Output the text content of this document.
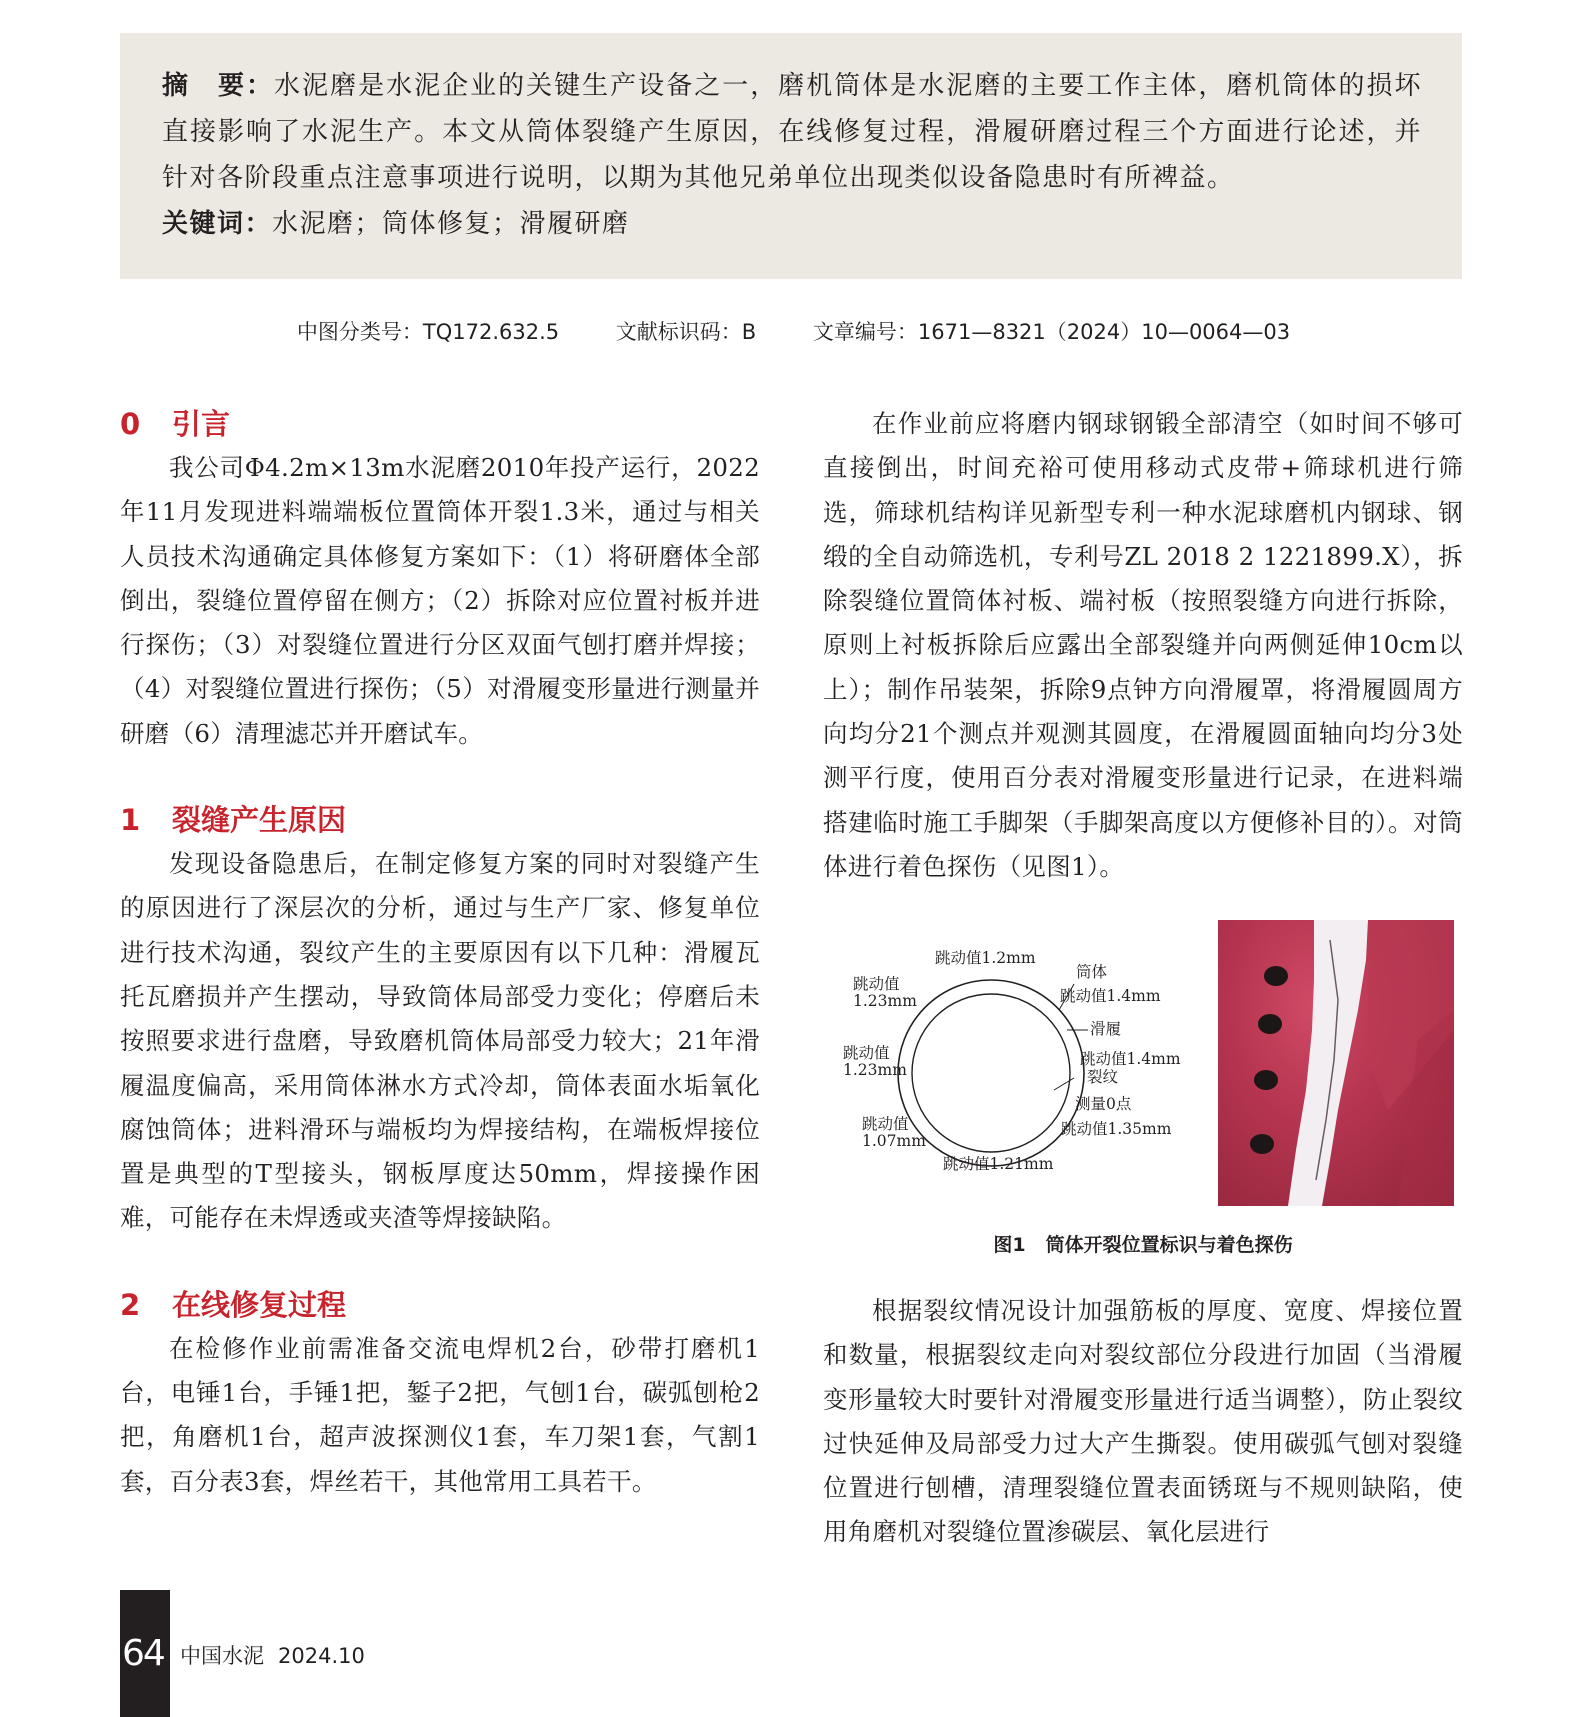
摘　要：水泥磨是水泥企业的关键生产设备之一，磨机筒体是水泥磨的主要工作主体，磨机筒体的损坏直接影响了水泥生产。本文从筒体裂缝产生原因，在线修复过程，滑履研磨过程三个方面进行论述，并针对各阶段重点注意事项进行说明，以期为其他兄弟单位出现类似设备隐患时有所裨益。

关键词：水泥磨；筒体修复；滑履研磨

中图分类号：TQ172.632.5	文献标识码：B	文章编号：1671—8321（2024）10—0064—03
0 引言

我公司Φ4.2m×13m水泥磨2010年投产运行，2022年11月发现进料端端板位置筒体开裂1.3米，通过与相关人员技术沟通确定具体修复方案如下：（1）将研磨体全部倒出，裂缝位置停留在侧方；（2）拆除对应位置衬板并进行探伤；（3）对裂缝位置进行分区双面气刨打磨并焊接；（4）对裂缝位置进行探伤；（5）对滑履变形量进行测量并研磨（6）清理滤芯并开磨试车。

1 裂缝产生原因

发现设备隐患后，在制定修复方案的同时对裂缝产生的原因进行了深层次的分析，通过与生产厂家、修复单位进行技术沟通，裂纹产生的主要原因有以下几种：滑履瓦托瓦磨损并产生摆动，导致筒体局部受力变化；停磨后未按照要求进行盘磨，导致磨机筒体局部受力较大；21年滑履温度偏高，采用筒体淋水方式冷却，筒体表面水垢氧化腐蚀筒体；进料滑环与端板均为焊接结构，在端板焊接位置是典型的T型接头，钢板厚度达50mm，焊接操作困难，可能存在未焊透或夹渣等焊接缺陷。

2 在线修复过程

在检修作业前需准备交流电焊机2台，砂带打磨机1台，电锤1台，手锤1把，錾子2把，气刨1台，碳弧刨枪2把，角磨机1台，超声波探测仪1套，车刀架1套，气割1套，百分表3套，焊丝若干，其他常用工具若干。

在作业前应将磨内钢球钢锻全部清空（如时间不够可直接倒出，时间充裕可使用移动式皮带+筛球机进行筛选，筛球机结构详见新型专利一种水泥球磨机内钢球、钢缎的全自动筛选机，专利号ZL 2018 2 1221899.X），拆除裂缝位置筒体衬板、端衬板（按照裂缝方向进行拆除，原则上衬板拆除后应露出全部裂缝并向两侧延伸10cm以上）；制作吊装架，拆除9点钟方向滑履罩，将滑履圆周方向均分21个测点并观测其圆度，在滑履圆面轴向均分3处测平行度，使用百分表对滑履变形量进行记录，在进料端搭建临时施工手脚架（手脚架高度以方便修补目的）。对筒体进行着色探伤（见图1）。

跳动值1.2mm
跳动值
1.23mm
跳动值
1.23mm
跳动值
1.07mm
跳动值1.21mm
筒体
跳动值1.4mm
滑履
跳动值1.4mm
裂纹
测量0点
跳动值1.35mm
图1 筒体开裂位置标识与着色探伤

根据裂纹情况设计加强筋板的厚度、宽度、焊接位置和数量，根据裂纹走向对裂纹部位分段进行加固（当滑履变形量较大时要针对滑履变形量进行适当调整），防止裂纹过快延伸及局部受力过大产生撕裂。使用碳弧气刨对裂缝位置进行刨槽，清理裂缝位置表面锈斑与不规则缺陷，使用角磨机对裂缝位置渗碳层、氧化层进行

64 中国水泥 2024.10
